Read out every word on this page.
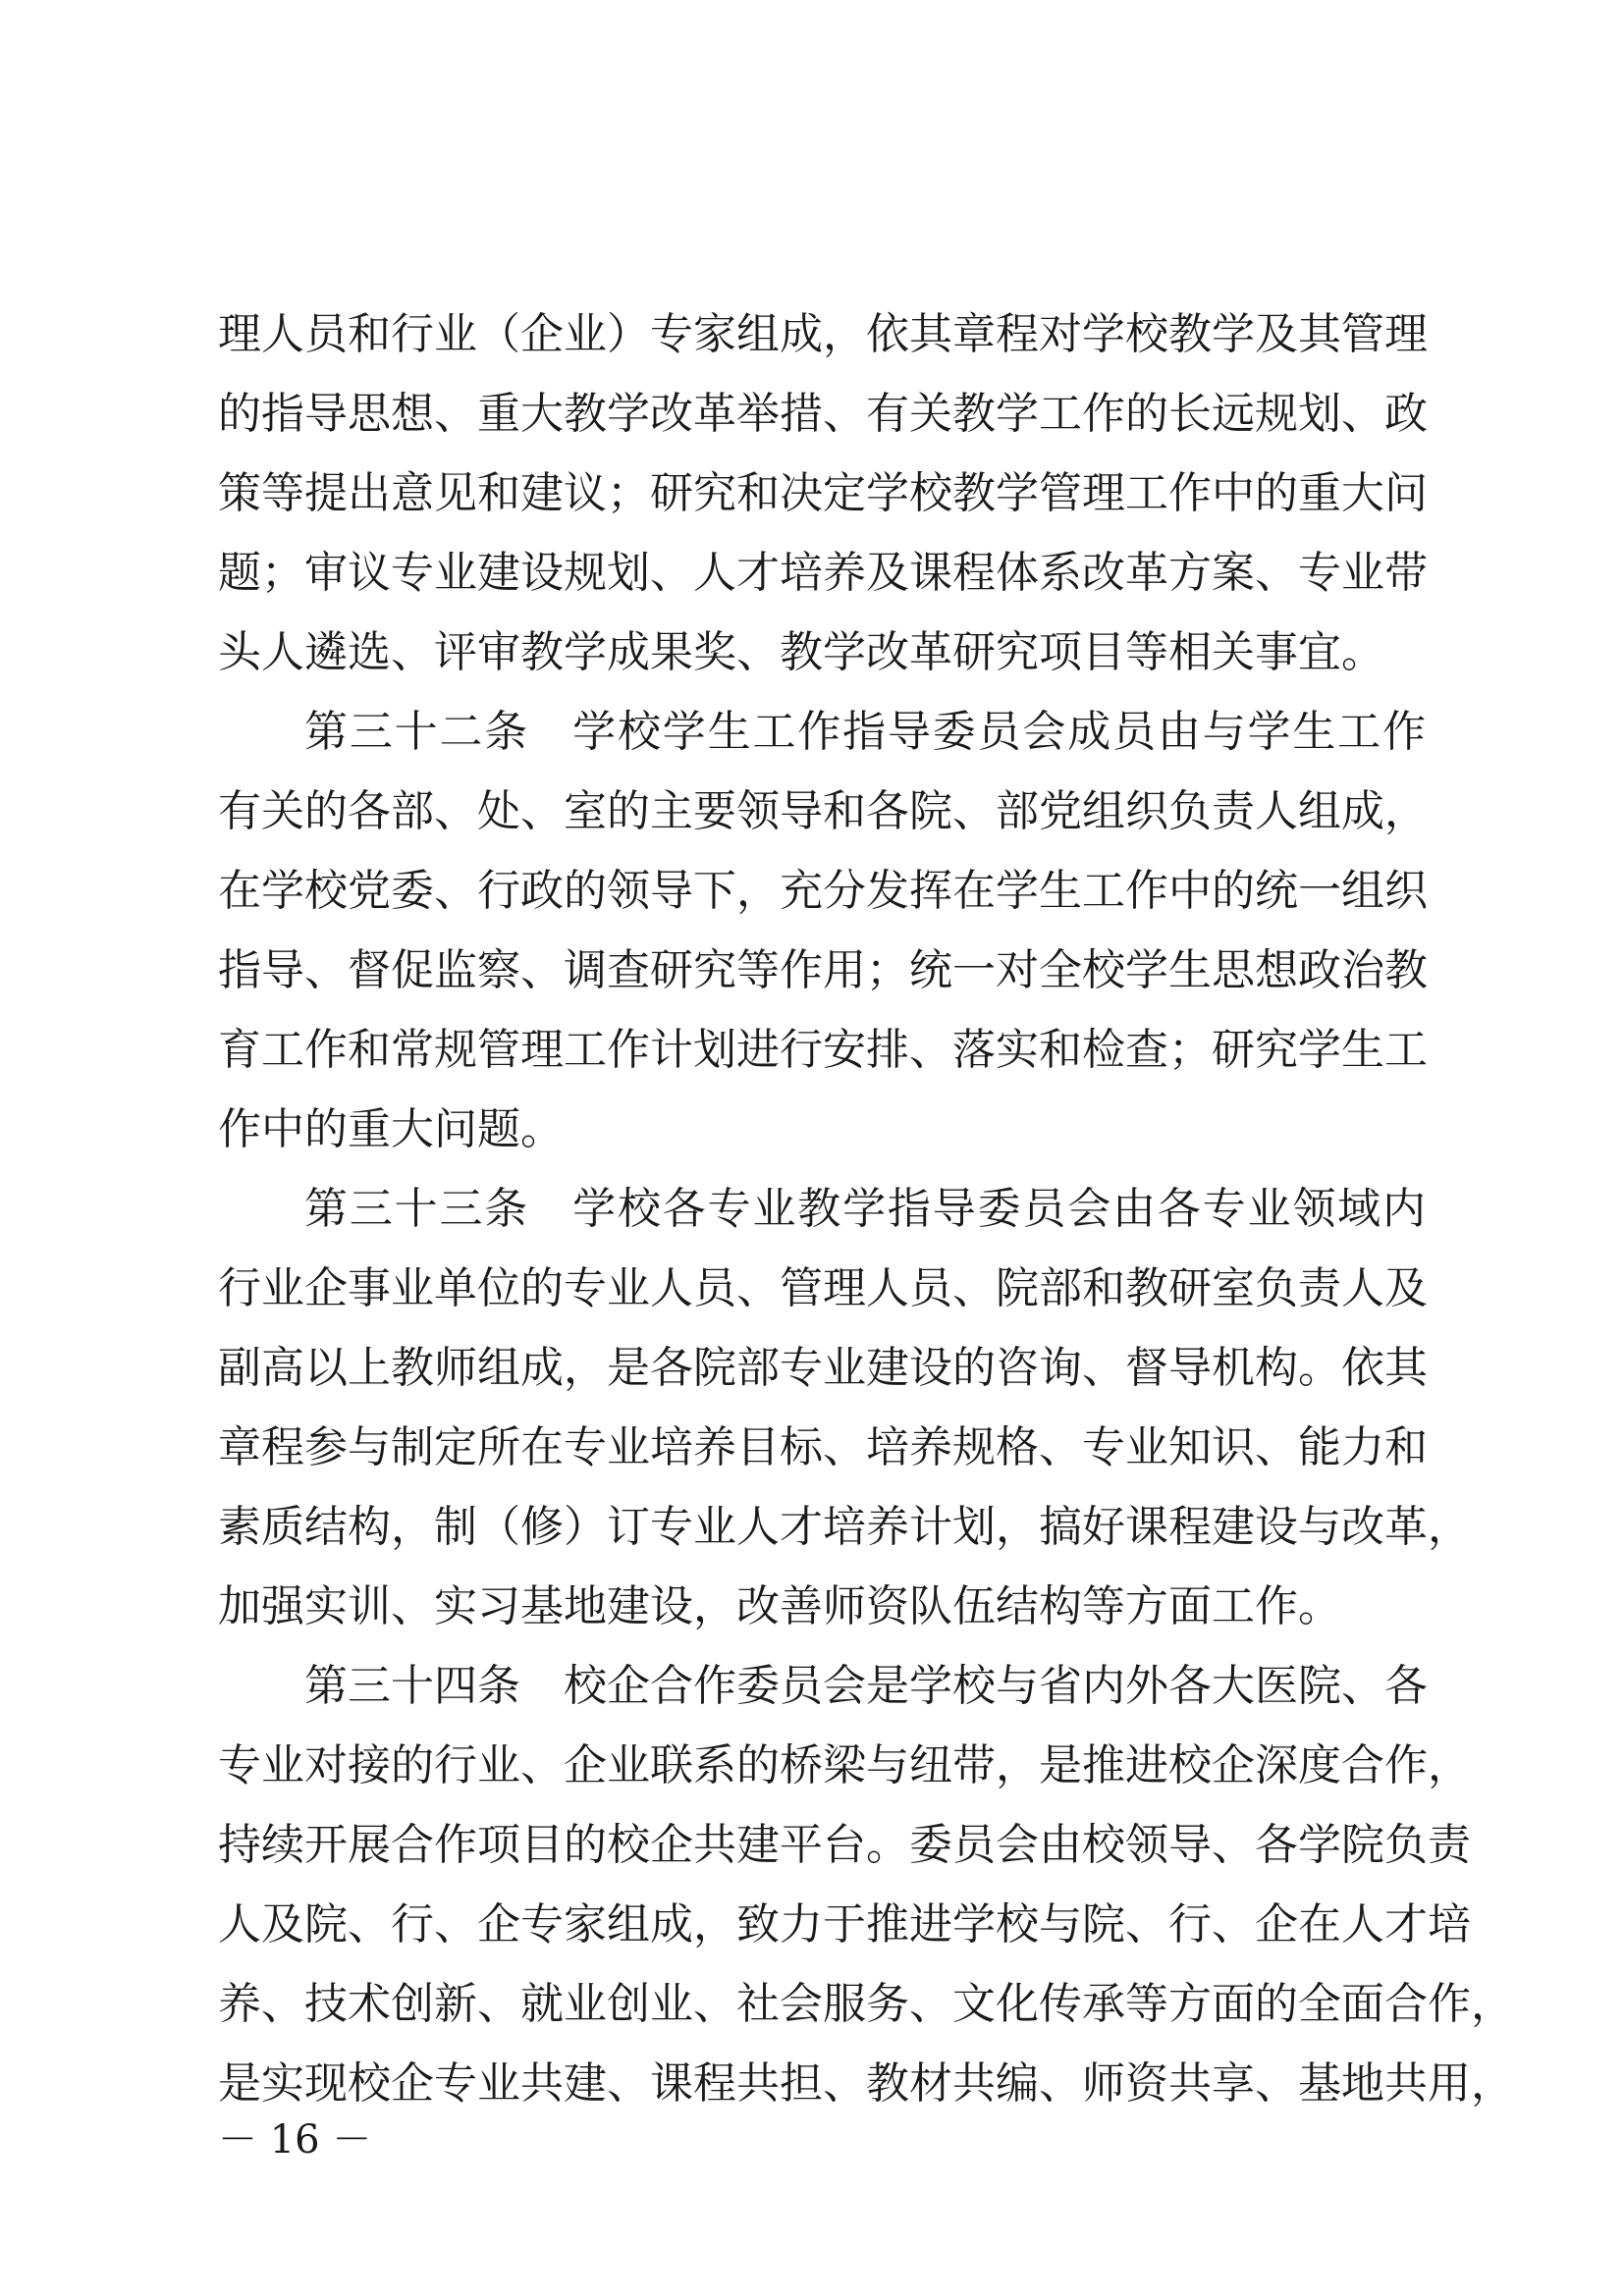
理人员和行业（企业）专家组成，依其章程对学校教学及其管理
的指导思想、重大教学改革举措、有关教学工作的长远规划、政
策等提出意见和建议；研究和决定学校教学管理工作中的重大问
题；审议专业建设规划、人才培养及课程体系改革方案、专业带
头人遴选、评审教学成果奖、教学改革研究项目等相关事宜。
第三十二条 学校学生工作指导委员会成员由与学生工作
有关的各部、处、室的主要领导和各院、部党组织负责人组成，
在学校党委、行政的领导下，充分发挥在学生工作中的统一组织
指导、督促监察、调查研究等作用；统一对全校学生思想政治教
育工作和常规管理工作计划进行安排、落实和检查；研究学生工
作中的重大问题。
第三十三条 学校各专业教学指导委员会由各专业领域内
行业企事业单位的专业人员、管理人员、院部和教研室负责人及
副高以上教师组成，是各院部专业建设的咨询、督导机构。依其
章程参与制定所在专业培养目标、培养规格、专业知识、能力和
素质结构，制（修）订专业人才培养计划，搞好课程建设与改革，
加强实训、实习基地建设，改善师资队伍结构等方面工作。
第三十四条 校企合作委员会是学校与省内外各大医院、各
专业对接的行业、企业联系的桥梁与纽带，是推进校企深度合作，
持续开展合作项目的校企共建平台。委员会由校领导、各学院负责
人及院、行、企专家组成，致力于推进学校与院、行、企在人才培
养、技术创新、就业创业、社会服务、文化传承等方面的全面合作，
是实现校企专业共建、课程共担、教材共编、师资共享、基地共用，
－ 16 －
